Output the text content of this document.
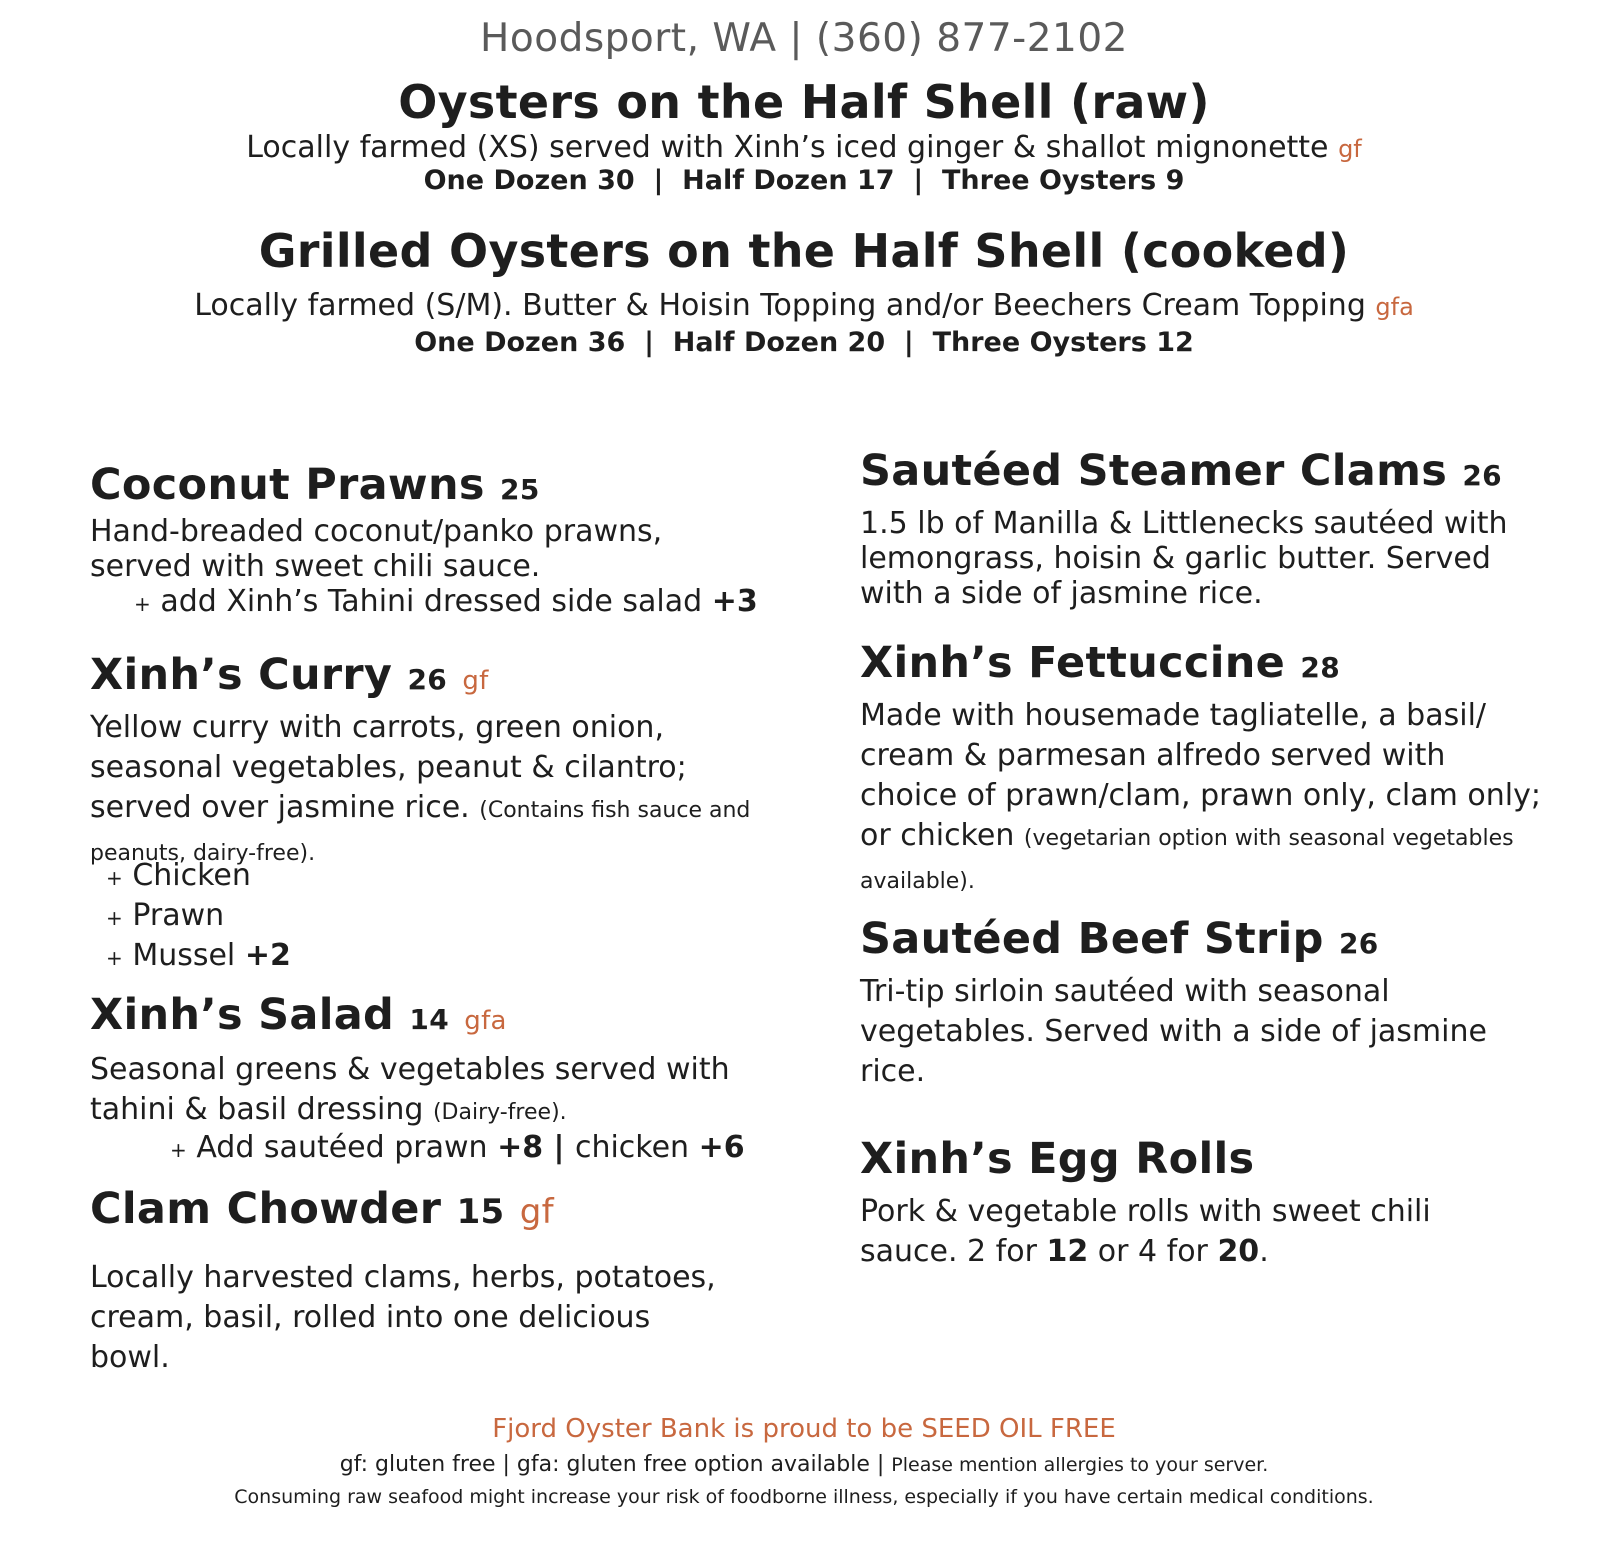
Hoodsport, WA | (360) 877-2102

Oysters on the Half Shell (raw)

Locally farmed (XS) served with Xinh’s iced ginger & shallot mignonette gf

One Dozen 30  |  Half Dozen 17  |  Three Oysters 9

Grilled Oysters on the Half Shell (cooked)

Locally farmed (S/M). Butter & Hoisin Topping and/or Beechers Cream Topping gfa

One Dozen 36  |  Half Dozen 20  |  Three Oysters 12

Coconut Prawns 25

Hand-breaded coconut/panko prawns, served with sweet chili sauce.

+ add Xinh’s Tahini dressed side salad +3

Xinh’s Curry 26 gf

Yellow curry with carrots, green onion, seasonal vegetables, peanut & cilantro; served over jasmine rice. (Contains fish sauce and peanuts, dairy-free).

+ Chicken

+ Prawn

+ Mussel +2

Xinh’s Salad 14 gfa

Seasonal greens & vegetables served with tahini & basil dressing (Dairy-free).

+ Add sautéed prawn +8 | chicken +6

Clam Chowder 15 gf

Locally harvested clams, herbs, potatoes, cream, basil, rolled into one delicious bowl.

Sautéed Steamer Clams 26

1.5 lb of Manilla & Littlenecks sautéed with lemongrass, hoisin & garlic butter. Served with a side of jasmine rice.

Xinh’s Fettuccine 28

Made with housemade tagliatelle, a basil/ cream & parmesan alfredo served with choice of prawn/clam, prawn only, clam only; or chicken (vegetarian option with seasonal vegetables available).

Sautéed Beef Strip 26

Tri-tip sirloin sautéed with seasonal vegetables. Served with a side of jasmine rice.

Xinh’s Egg Rolls

Pork & vegetable rolls with sweet chili sauce. 2 for 12 or 4 for 20.

Fjord Oyster Bank is proud to be SEED OIL FREE

gf: gluten free | gfa: gluten free option available | Please mention allergies to your server.

Consuming raw seafood might increase your risk of foodborne illness, especially if you have certain medical conditions.
